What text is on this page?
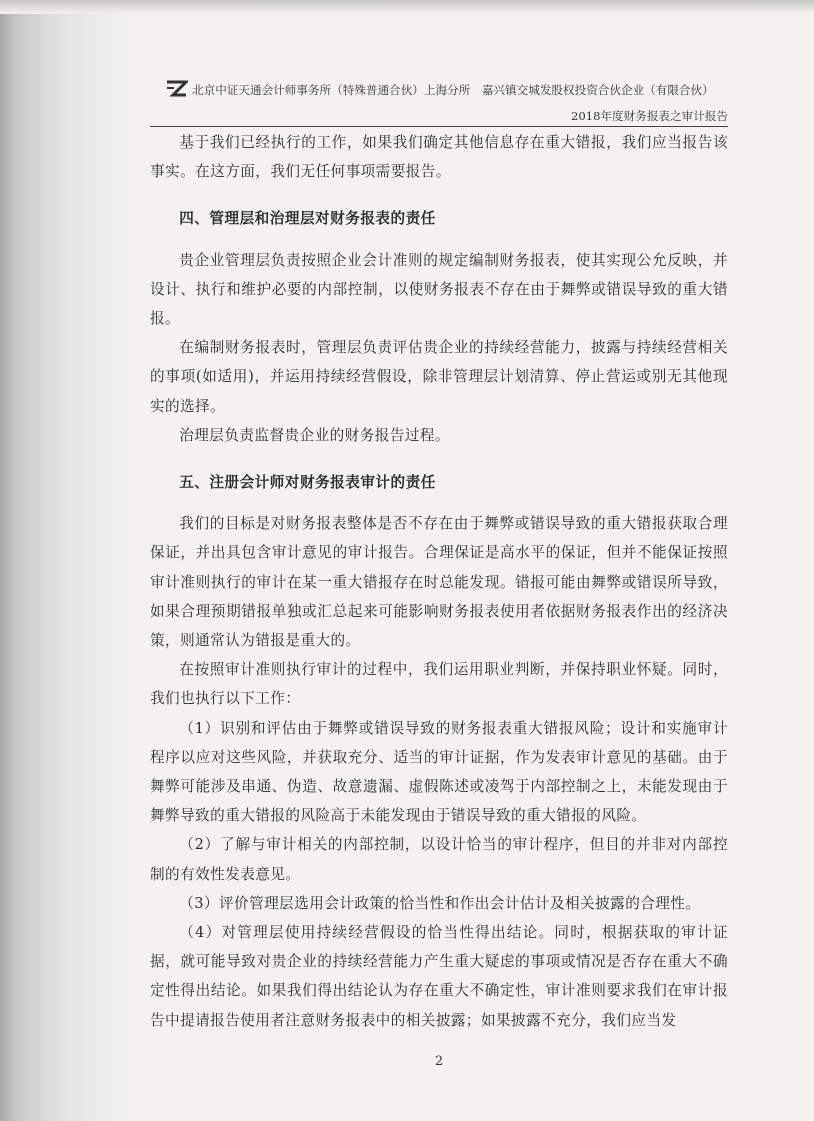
北京中证天通会计师事务所（特殊普通合伙）上海分所　嘉兴镇交城发股权投资合伙企业（有限合伙）
2018年度财务报表之审计报告

基于我们已经执行的工作，如果我们确定其他信息存在重大错报，我们应当报告该事实。在这方面，我们无任何事项需要报告。

四、管理层和治理层对财务报表的责任

贵企业管理层负责按照企业会计准则的规定编制财务报表，使其实现公允反映，并设计、执行和维护必要的内部控制，以使财务报表不存在由于舞弊或错误导致的重大错报。

在编制财务报表时，管理层负责评估贵企业的持续经营能力，披露与持续经营相关的事项(如适用)，并运用持续经营假设，除非管理层计划清算、停止营运或别无其他现实的选择。

治理层负责监督贵企业的财务报告过程。

五、注册会计师对财务报表审计的责任

我们的目标是对财务报表整体是否不存在由于舞弊或错误导致的重大错报获取合理保证，并出具包含审计意见的审计报告。合理保证是高水平的保证，但并不能保证按照审计准则执行的审计在某一重大错报存在时总能发现。错报可能由舞弊或错误所导致，如果合理预期错报单独或汇总起来可能影响财务报表使用者依据财务报表作出的经济决策，则通常认为错报是重大的。

在按照审计准则执行审计的过程中，我们运用职业判断，并保持职业怀疑。同时，我们也执行以下工作：

（1）识别和评估由于舞弊或错误导致的财务报表重大错报风险；设计和实施审计程序以应对这些风险，并获取充分、适当的审计证据，作为发表审计意见的基础。由于舞弊可能涉及串通、伪造、故意遗漏、虚假陈述或凌驾于内部控制之上，未能发现由于舞弊导致的重大错报的风险高于未能发现由于错误导致的重大错报的风险。

（2）了解与审计相关的内部控制，以设计恰当的审计程序，但目的并非对内部控制的有效性发表意见。

（3）评价管理层选用会计政策的恰当性和作出会计估计及相关披露的合理性。

（4）对管理层使用持续经营假设的恰当性得出结论。同时，根据获取的审计证据，就可能导致对贵企业的持续经营能力产生重大疑虑的事项或情况是否存在重大不确定性得出结论。如果我们得出结论认为存在重大不确定性，审计准则要求我们在审计报告中提请报告使用者注意财务报表中的相关披露；如果披露不充分，我们应当发

2
